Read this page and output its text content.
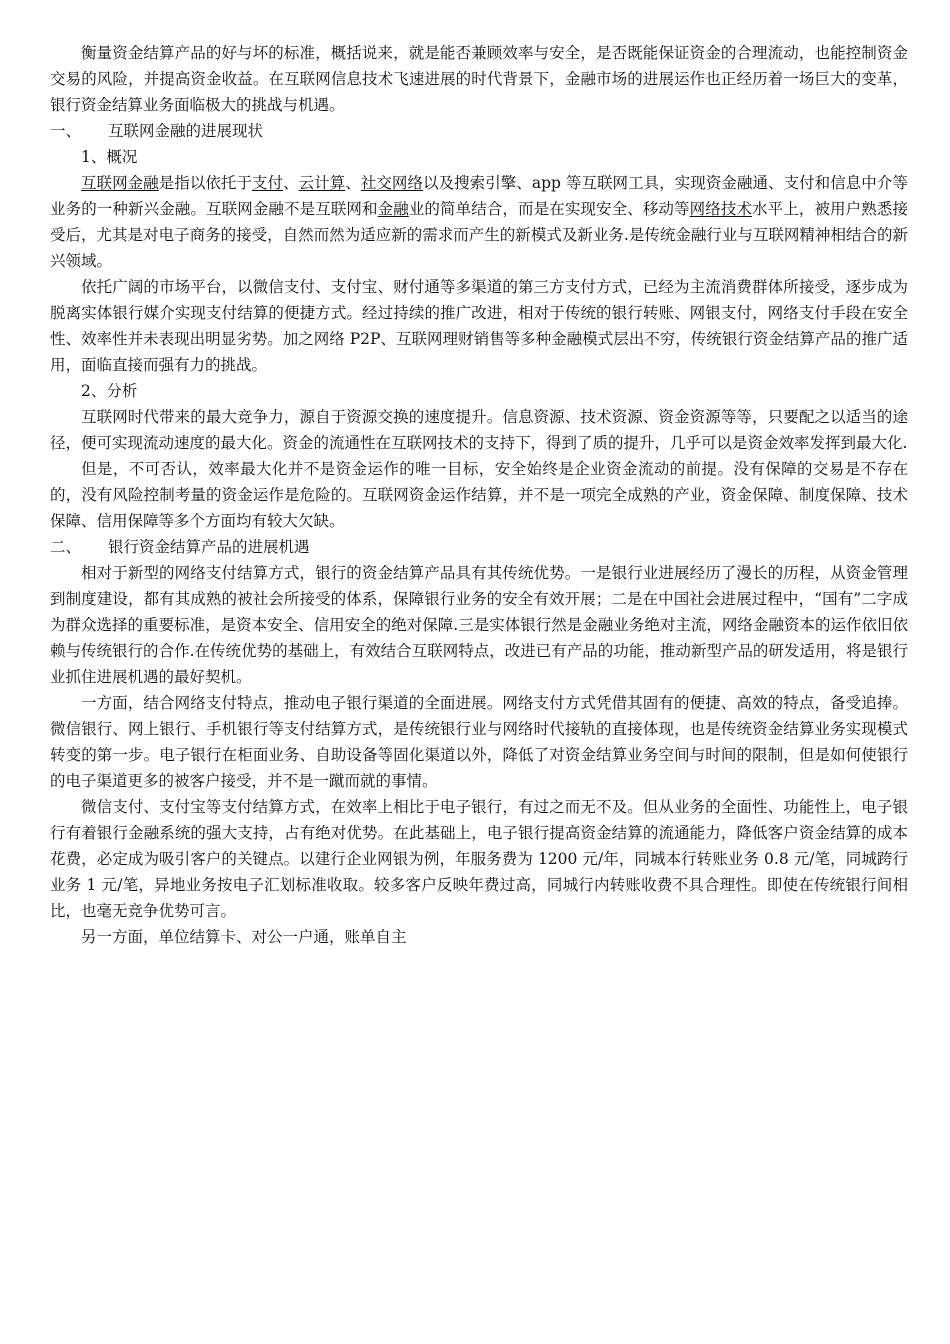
衡量资金结算产品的好与坏的标准，概括说来，就是能否兼顾效率与安全，是否既能保证资金的合理流动，也能控制资金交易的风险，并提高资金收益。在互联网信息技术飞速进展的时代背景下，金融市场的进展运作也正经历着一场巨大的变革，银行资金结算业务面临极大的挑战与机遇。

一、 互联网金融的进展现状

1、概况

互联网金融是指以依托于支付、云计算、社交网络以及搜索引擎、app 等互联网工具，实现资金融通、支付和信息中介等业务的一种新兴金融。互联网金融不是互联网和金融业的简单结合，而是在实现安全、移动等网络技术水平上，被用户熟悉接受后，尤其是对电子商务的接受，自然而然为适应新的需求而产生的新模式及新业务.是传统金融行业与互联网精神相结合的新兴领域。

依托广阔的市场平台，以微信支付、支付宝、财付通等多渠道的第三方支付方式，已经为主流消费群体所接受，逐步成为脱离实体银行媒介实现支付结算的便捷方式。经过持续的推广改进，相对于传统的银行转账、网银支付，网络支付手段在安全性、效率性并未表现出明显劣势。加之网络 P2P、互联网理财销售等多种金融模式层出不穷，传统银行资金结算产品的推广适用，面临直接而强有力的挑战。

2、分析

互联网时代带来的最大竞争力，源自于资源交换的速度提升。信息资源、技术资源、资金资源等等，只要配之以适当的途径，便可实现流动速度的最大化。资金的流通性在互联网技术的支持下，得到了质的提升，几乎可以是资金效率发挥到最大化.

但是，不可否认，效率最大化并不是资金运作的唯一目标，安全始终是企业资金流动的前提。没有保障的交易是不存在的，没有风险控制考量的资金运作是危险的。互联网资金运作结算，并不是一项完全成熟的产业，资金保障、制度保障、技术保障、信用保障等多个方面均有较大欠缺。

二、 银行资金结算产品的进展机遇

相对于新型的网络支付结算方式，银行的资金结算产品具有其传统优势。一是银行业进展经历了漫长的历程，从资金管理到制度建设，都有其成熟的被社会所接受的体系，保障银行业务的安全有效开展；二是在中国社会进展过程中，“国有”二字成为群众选择的重要标准，是资本安全、信用安全的绝对保障.三是实体银行然是金融业务绝对主流，网络金融资本的运作依旧依赖与传统银行的合作.在传统优势的基础上，有效结合互联网特点，改进已有产品的功能，推动新型产品的研发适用，将是银行业抓住进展机遇的最好契机。

一方面，结合网络支付特点，推动电子银行渠道的全面进展。网络支付方式凭借其固有的便捷、高效的特点，备受追捧。微信银行、网上银行、手机银行等支付结算方式，是传统银行业与网络时代接轨的直接体现，也是传统资金结算业务实现模式转变的第一步。电子银行在柜面业务、自助设备等固化渠道以外，降低了对资金结算业务空间与时间的限制，但是如何使银行的电子渠道更多的被客户接受，并不是一蹴而就的事情。

微信支付、支付宝等支付结算方式，在效率上相比于电子银行，有过之而无不及。但从业务的全面性、功能性上，电子银行有着银行金融系统的强大支持，占有绝对优势。在此基础上，电子银行提高资金结算的流通能力，降低客户资金结算的成本花费，必定成为吸引客户的关键点。以建行企业网银为例，年服务费为 1200 元/年，同城本行转账业务 0.8 元/笔，同城跨行业务 1 元/笔，异地业务按电子汇划标准收取。较多客户反映年费过高，同城行内转账收费不具合理性。即使在传统银行间相比，也毫无竞争优势可言。

另一方面，单位结算卡、对公一户通，账单自主
